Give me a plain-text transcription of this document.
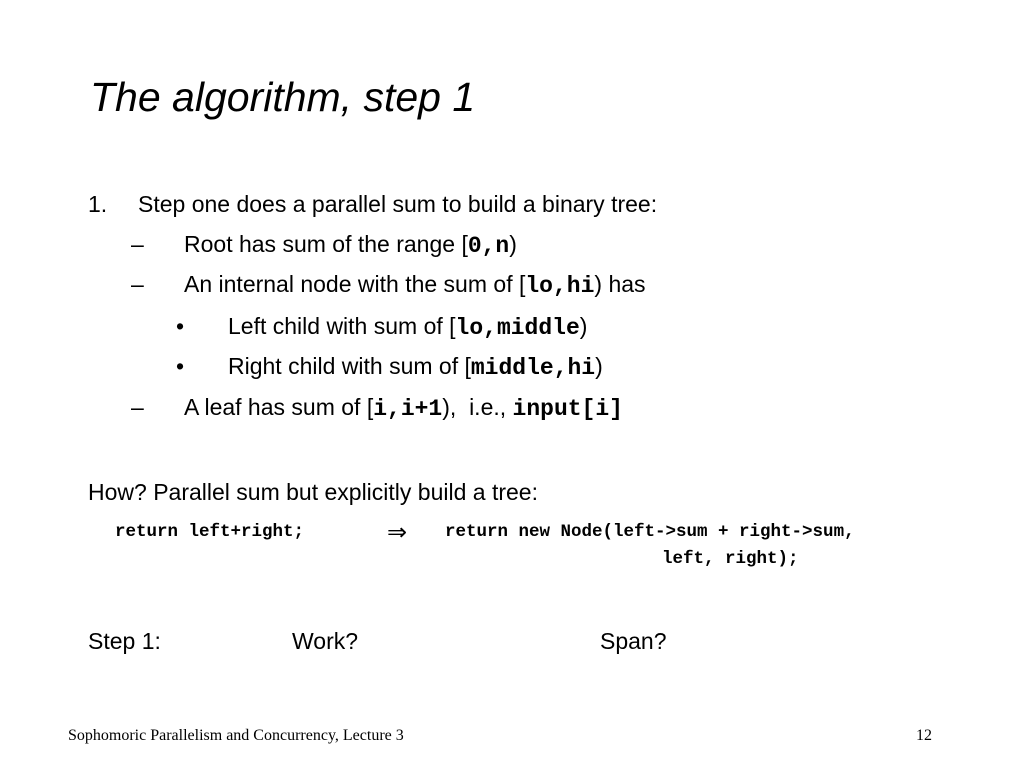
The algorithm, step 1
1. Step one does a parallel sum to build a binary tree:
– Root has sum of the range [0,n)
– An internal node with the sum of [lo,hi) has
• Left child with sum of [lo,middle)
• Right child with sum of [middle,hi)
– A leaf has sum of [i,i+1),  i.e., input[i]
How? Parallel sum but explicitly build a tree:
return left+right;	⇒ return new Node(left->sum + right->sum,
left, right);
Step 1:	Work?	Span?
Sophomoric Parallelism and Concurrency, Lecture 3	12
